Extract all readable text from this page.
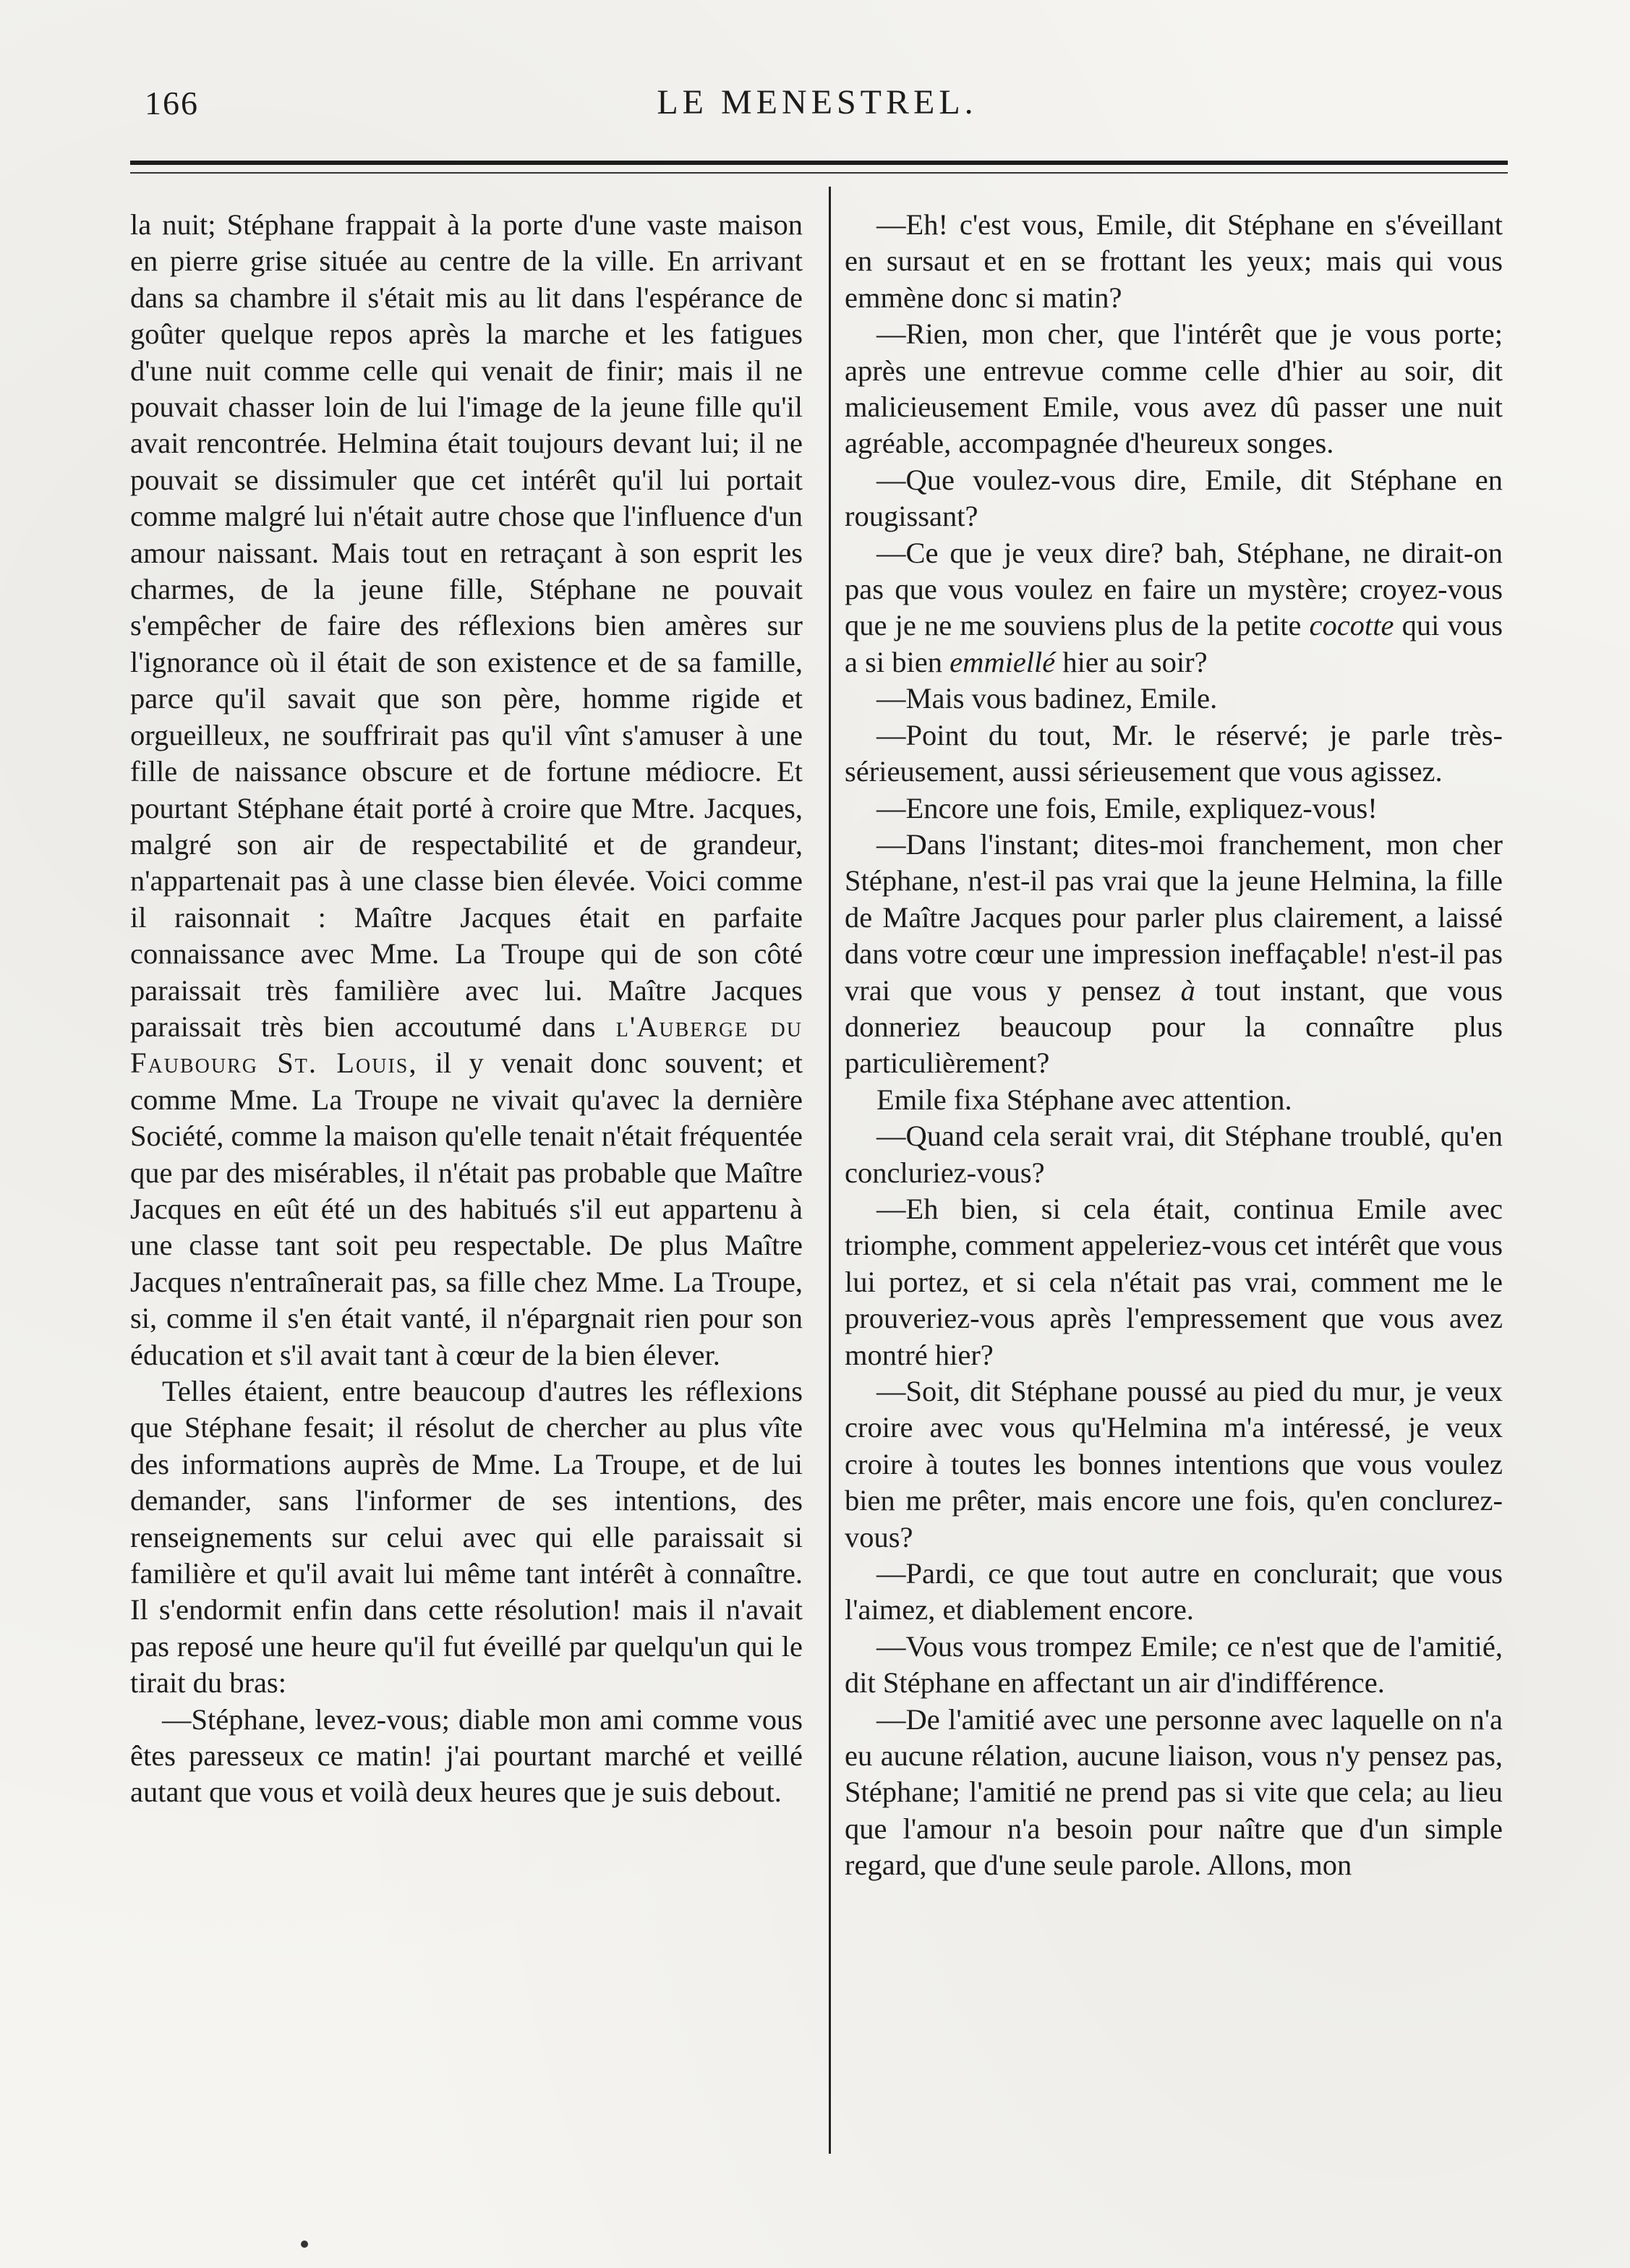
166	LE MENESTREL.

la nuit; Stéphane frappait à la porte d'une vaste maison en pierre grise située au centre de la ville. En arrivant dans sa chambre il s'était mis au lit dans l'espérance de goûter quelque repos après la marche et les fatigues d'une nuit comme celle qui venait de finir; mais il ne pouvait chasser loin de lui l'image de la jeune fille qu'il avait rencontrée. Helmina était toujours devant lui; il ne pouvait se dissimuler que cet intérêt qu'il lui portait comme malgré lui n'était autre chose que l'influence d'un amour naissant. Mais tout en retraçant à son esprit les charmes, de la jeune fille, Stéphane ne pouvait s'empêcher de faire des réflexions bien amères sur l'ignorance où il était de son existence et de sa famille, parce qu'il savait que son père, homme rigide et orgueilleux, ne souffrirait pas qu'il vînt s'amuser à une fille de naissance obscure et de fortune médiocre. Et pourtant Stéphane était porté à croire que Mtre. Jacques, malgré son air de respectabilité et de grandeur, n'appartenait pas à une classe bien élevée. Voici comme il raisonnait : Maître Jacques était en parfaite connaissance avec Mme. La Troupe qui de son côté paraissait très familière avec lui. Maître Jacques paraissait très bien accoutumé dans l'Auberge du Faubourg St. Louis, il y venait donc souvent; et comme Mme. La Troupe ne vivait qu'avec la dernière Société, comme la maison qu'elle tenait n'était fréquentée que par des misérables, il n'était pas probable que Maître Jacques en eût été un des habitués s'il eut appartenu à une classe tant soit peu respectable. De plus Maître Jacques n'entraînerait pas, sa fille chez Mme. La Troupe, si, comme il s'en était vanté, il n'épargnait rien pour son éducation et s'il avait tant à cœur de la bien élever.

Telles étaient, entre beaucoup d'autres les réflexions que Stéphane fesait; il résolut de chercher au plus vîte des informations auprès de Mme. La Troupe, et de lui demander, sans l'informer de ses intentions, des renseignements sur celui avec qui elle paraissait si familière et qu'il avait lui même tant intérêt à connaître. Il s'endormit enfin dans cette résolution! mais il n'avait pas reposé une heure qu'il fut éveillé par quelqu'un qui le tirait du bras:

—Stéphane, levez-vous; diable mon ami comme vous êtes paresseux ce matin! j'ai pourtant marché et veillé autant que vous et voilà deux heures que je suis debout.

—Eh! c'est vous, Emile, dit Stéphane en s'éveillant en sursaut et en se frottant les yeux; mais qui vous emmène donc si matin?

—Rien, mon cher, que l'intérêt que je vous porte; après une entrevue comme celle d'hier au soir, dit malicieusement Emile, vous avez dû passer une nuit agréable, accompagnée d'heureux songes.

—Que voulez-vous dire, Emile, dit Stéphane en rougissant?

—Ce que je veux dire? bah, Stéphane, ne dirait-on pas que vous voulez en faire un mystère; croyez-vous que je ne me souviens plus de la petite cocotte qui vous a si bien emmiellé hier au soir?

—Mais vous badinez, Emile.

—Point du tout, Mr. le réservé; je parle très-sérieusement, aussi sérieusement que vous agissez.

—Encore une fois, Emile, expliquez-vous!

—Dans l'instant; dites-moi franchement, mon cher Stéphane, n'est-il pas vrai que la jeune Helmina, la fille de Maître Jacques pour parler plus clairement, a laissé dans votre cœur une impression ineffaçable! n'est-il pas vrai que vous y pensez à tout instant, que vous donneriez beaucoup pour la connaître plus particulièrement?

Emile fixa Stéphane avec attention.

—Quand cela serait vrai, dit Stéphane troublé, qu'en concluriez-vous?

—Eh bien, si cela était, continua Emile avec triomphe, comment appeleriez-vous cet intérêt que vous lui portez, et si cela n'était pas vrai, comment me le prouveriez-vous après l'empressement que vous avez montré hier?

—Soit, dit Stéphane poussé au pied du mur, je veux croire avec vous qu'Helmina m'a intéressé, je veux croire à toutes les bonnes intentions que vous voulez bien me prêter, mais encore une fois, qu'en conclurez-vous?

—Pardi, ce que tout autre en conclurait; que vous l'aimez, et diablement encore.

—Vous vous trompez Emile; ce n'est que de l'amitié, dit Stéphane en affectant un air d'indifférence.

—De l'amitié avec une personne avec laquelle on n'a eu aucune rélation, aucune liaison, vous n'y pensez pas, Stéphane; l'amitié ne prend pas si vite que cela; au lieu que l'amour n'a besoin pour naître que d'un simple regard, que d'une seule parole. Allons, mon
